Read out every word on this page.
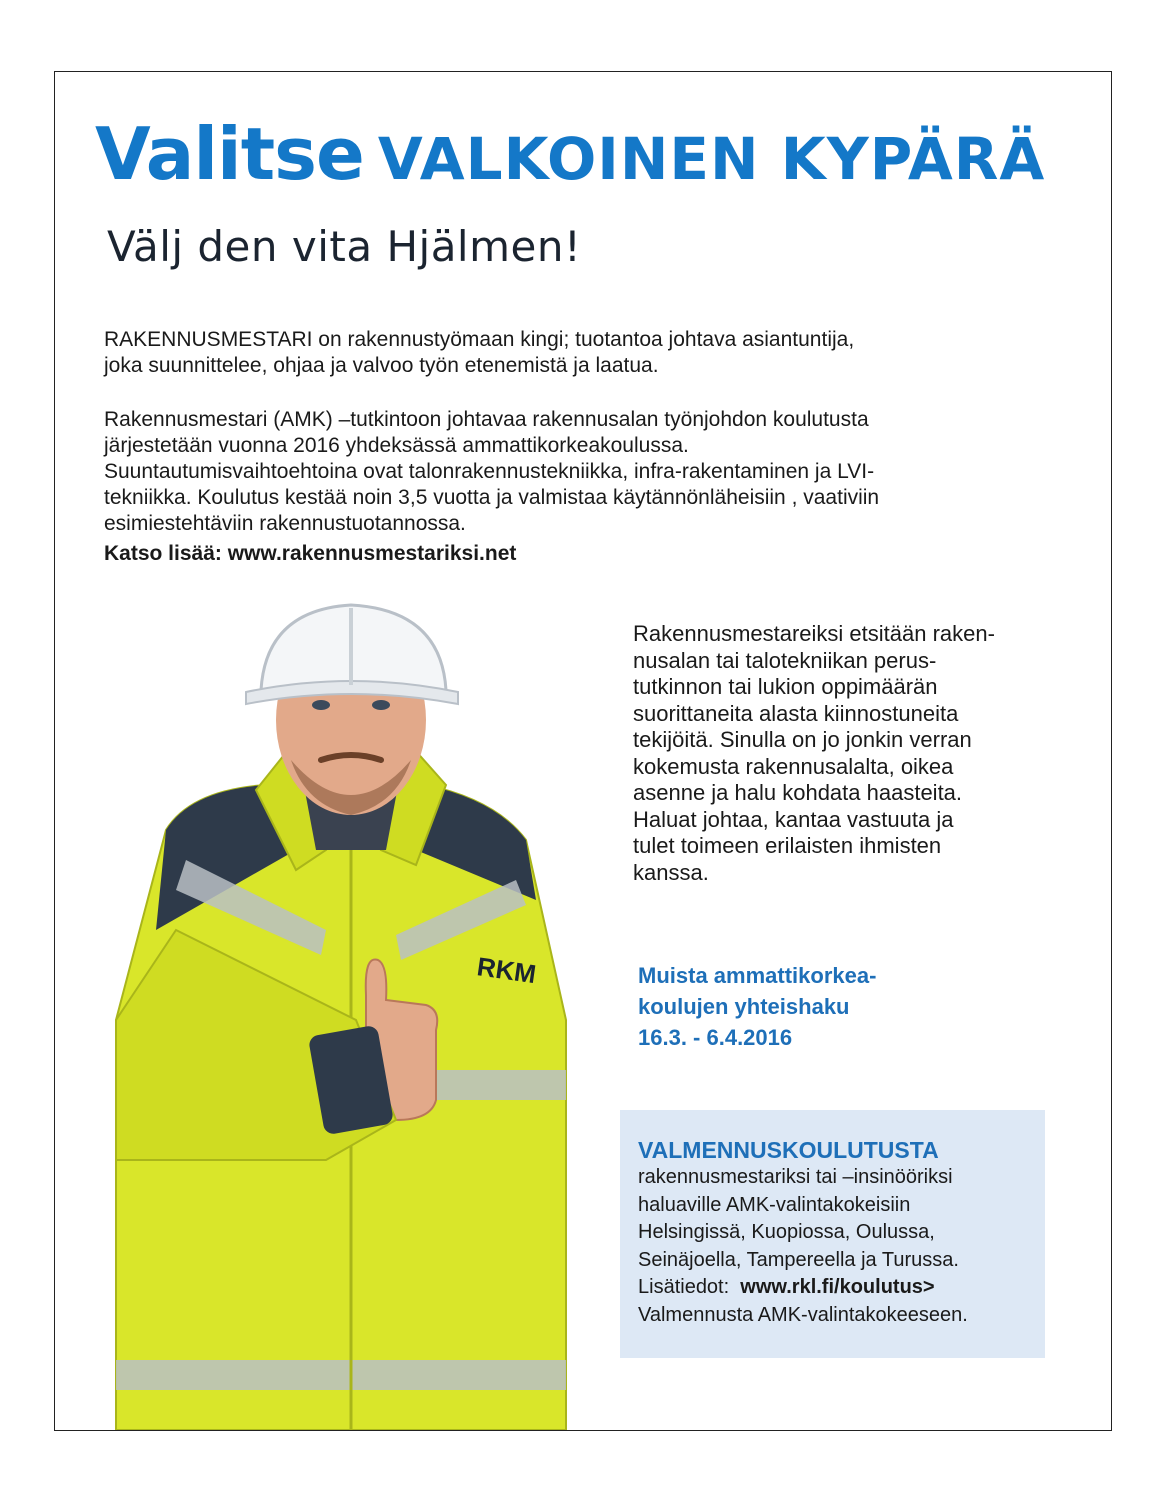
Valitse VALKOINEN KYPÄRÄ
Välj den vita Hjälmen!

RAKENNUSMESTARI on rakennustyömaan kingi; tuotantoa johtava asiantuntija,
joka suunnittelee, ohjaa ja valvoo työn etenemistä ja laatua.

Rakennusmestari (AMK) –tutkintoon johtavaa rakennusalan työnjohdon koulutusta
järjestetään vuonna 2016 yhdeksässä ammattikorkeakoulussa.
Suuntautumisvaihtoehtoina ovat talonrakennustekniikka, infra-rakentaminen ja LVI-
tekniikka. Koulutus kestää noin 3,5 vuotta ja valmistaa käytännönläheisiin , vaativiin
esimiestehtäviin rakennustuotannossa.

Katso lisää: www.rakennusmestariksi.net
RKM
Rakennusmestareiksi etsitään raken-
nusalan tai talotekniikan perus-
tutkinnon tai lukion oppimäärän
suorittaneita alasta kiinnostuneita
tekijöitä. Sinulla on jo jonkin verran
kokemusta rakennusalalta, oikea
asenne ja halu kohdata haasteita.
Haluat johtaa, kantaa vastuuta ja
tulet toimeen erilaisten ihmisten
kanssa.
Muista ammattikorkea-
koulujen yhteishaku
16.3. - 6.4.2016
VALMENNUSKOULUTUSTA
rakennusmestariksi tai –insinööriksi
haluaville AMK-valintakokeisiin
Helsingissä, Kuopiossa, Oulussa,
Seinäjoella, Tampereella ja Turussa.
Lisätiedot: www.rkl.fi/koulutus>
Valmennusta AMK-valintakokeeseen.
